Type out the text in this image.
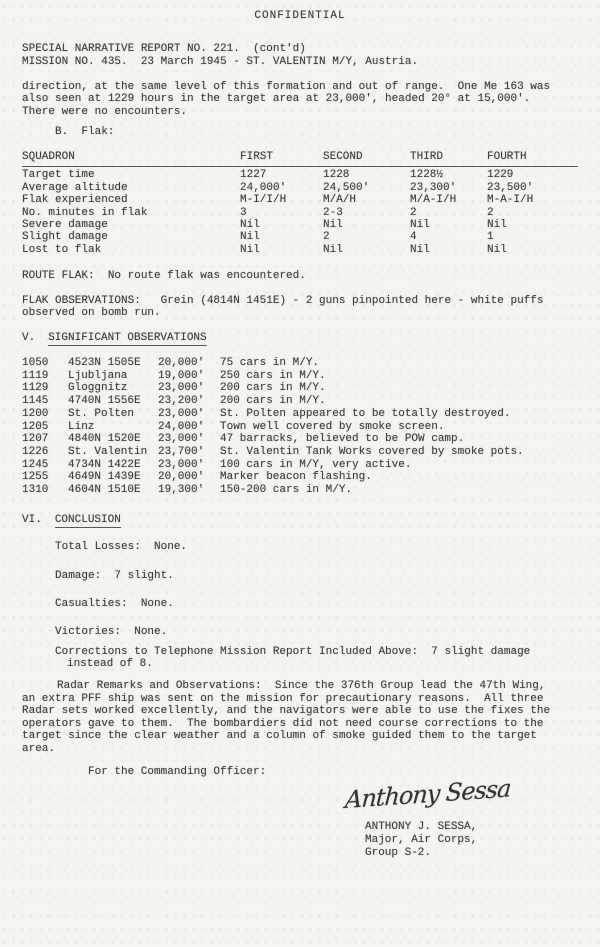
CONFIDENTIAL
SPECIAL NARRATIVE REPORT NO. 221.  (cont'd)
MISSION NO. 435.  23 March 1945 - ST. VALENTIN M/Y, Austria.
direction, at the same level of this formation and out of range.  One Me 163 was also seen at 1229 hours in the target area at 23,000', headed 20° at 15,000'. There were no encounters.
B.  Flak:
SQUADRON	FIRST	SECOND	THIRD	FOURTH
Target time	1227	1228	1228½	1229
Average altitude	24,000'	24,500'	23,300'	23,500'
Flak experienced	M-I/I/H	M/A/H	M/A-I/H	M-A-I/H
No. minutes in flak	3	2-3	2	2
Severe damage	Nil	Nil	Nil	Nil
Slight damage	Nil	2	4	1
Lost to flak	Nil	Nil	Nil	Nil
ROUTE FLAK:  No route flak was encountered.
FLAK OBSERVATIONS:   Grein (4814N 1451E) - 2 guns pinpointed here - white puffs observed on bomb run.
V. SIGNIFICANT OBSERVATIONS
1050	4523N 1505E	20,000'	75 cars in M/Y.
1119	Ljubljana	19,000'	250 cars in M/Y.
1129	Gloggnitz	23,000'	200 cars in M/Y.
1145	4740N 1556E	23,200'	200 cars in M/Y.
1200	St. Polten	23,000'	St. Polten appeared to be totally destroyed.
1205	Linz	24,000'	Town well covered by smoke screen.
1207	4840N 1520E	23,000'	47 barracks, believed to be POW camp.
1226	St. Valentin 23,700'	St. Valentin Tank Works covered by smoke pots.
1245	4734N 1422E	23,000'	100 cars in M/Y, very active.
1255	4649N 1439E	20,000'	Marker beacon flashing.
1310	4604N 1510E	19,300'	150-200 cars in M/Y.
VI. CONCLUSION
Total Losses:  None.
Damage:  7 slight.
Casualties:  None.
Victories:  None.
Corrections to Telephone Mission Report Included Above:  7 slight damage instead of 8.
Radar Remarks and Observations:  Since the 376th Group lead the 47th Wing, an extra PFF ship was sent on the mission for precautionary reasons.  All three Radar sets worked excellently, and the navigators were able to use the fixes the operators gave to them.  The bombardiers did not need course corrections to the target since the clear weather and a column of smoke guided them to the target area.
For the Commanding Officer:
Anthony Sessa
ANTHONY J. SESSA,
Major, Air Corps,
Group S-2.
